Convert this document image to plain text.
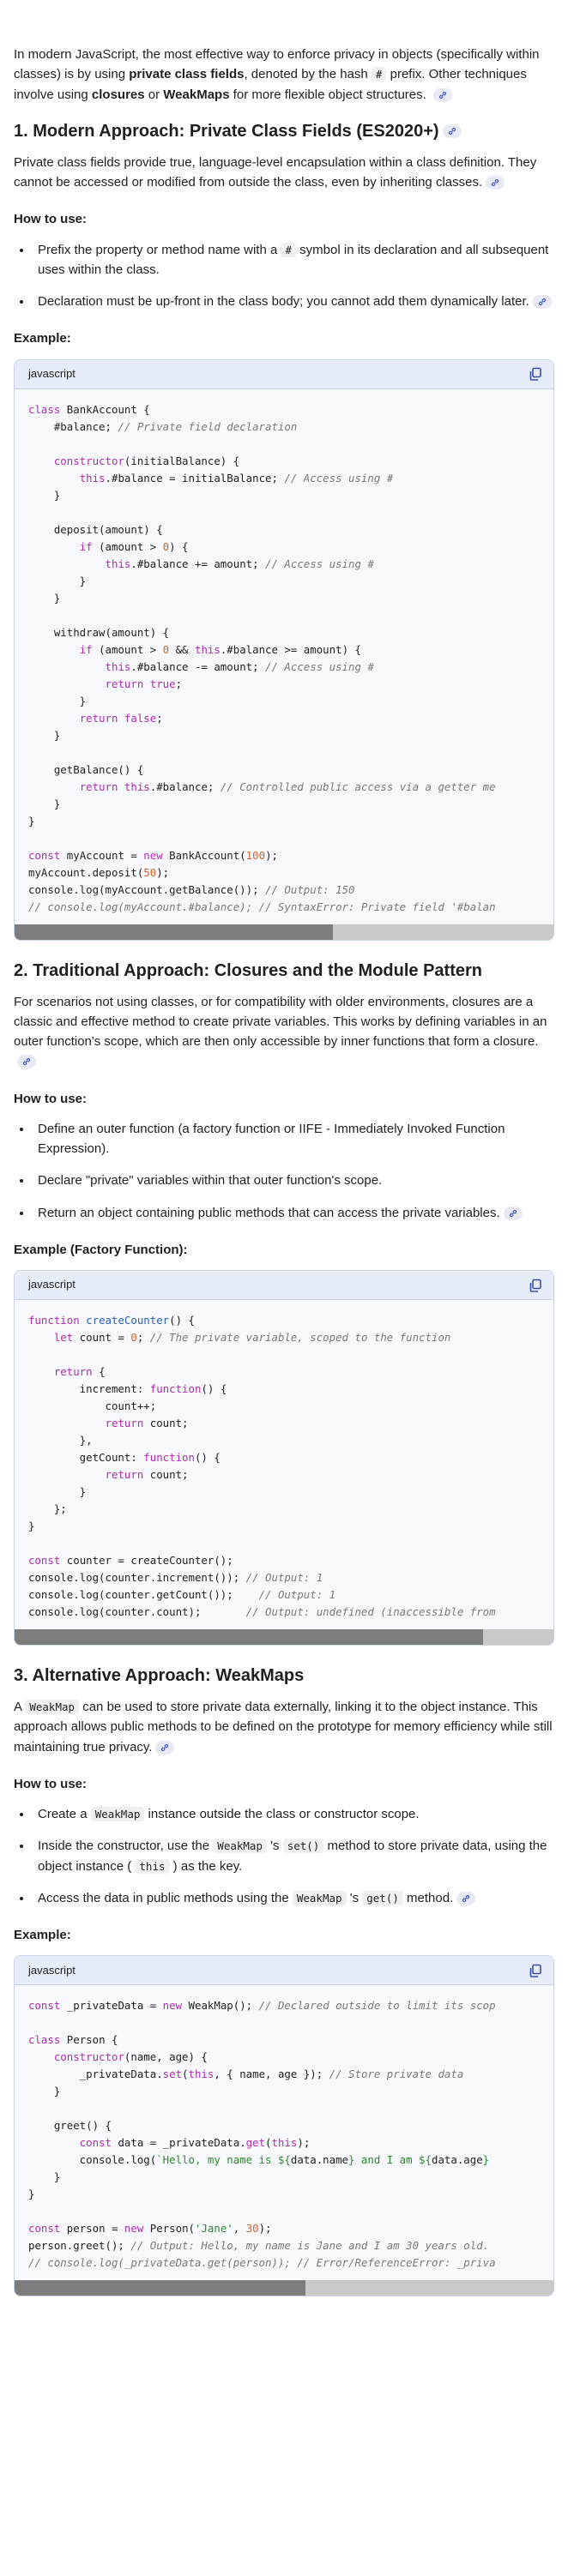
In modern JavaScript, the most effective way to enforce privacy in objects (specifically within classes) is by using private class fields, denoted by the hash # prefix. Other techniques involve using closures or WeakMaps for more flexible object structures.

1. Modern Approach: Private Class Fields (ES2020+)

Private class fields provide true, language-level encapsulation within a class definition. They cannot be accessed or modified from outside the class, even by inheriting classes.

How to use:
• Prefix the property or method name with a # symbol in its declaration and all subsequent uses within the class.
• Declaration must be up-front in the class body; you cannot add them dynamically later.
Example:
javascript
class BankAccount {
#balance; // Private field declaration

constructor(initialBalance) {
this.#balance = initialBalance; // Access using #
}

deposit(amount) {
if (amount > 0) {
this.#balance += amount; // Access using #
}
}

withdraw(amount) {
if (amount > 0 && this.#balance >= amount) {
this.#balance -= amount; // Access using #
return true;
}
return false;
}

getBalance() {
return this.#balance; // Controlled public access via a getter me
}
}

const myAccount = new BankAccount(100);
myAccount.deposit(50);
console.log(myAccount.getBalance()); // Output: 150
// console.log(myAccount.#balance); // SyntaxError: Private field '#balan
2. Traditional Approach: Closures and the Module Pattern

For scenarios not using classes, or for compatibility with older environments, closures are a classic and effective method to create private variables. This works by defining variables in an outer function's scope, which are then only accessible by inner functions that form a closure.

How to use:
• Define an outer function (a factory function or IIFE - Immediately Invoked Function Expression).
• Declare "private" variables within that outer function's scope.
• Return an object containing public methods that can access the private variables.
Example (Factory Function):
javascript
function createCounter() {
let count = 0; // The private variable, scoped to the function

return {
increment: function() {
count++;
return count;
},
getCount: function() {
return count;
}
};
}

const counter = createCounter();
console.log(counter.increment()); // Output: 1
console.log(counter.getCount());    // Output: 1
console.log(counter.count);       // Output: undefined (inaccessible from
3. Alternative Approach: WeakMaps

A WeakMap can be used to store private data externally, linking it to the object instance. This approach allows public methods to be defined on the prototype for memory efficiency while still maintaining true privacy.

How to use:
• Create a WeakMap instance outside the class or constructor scope.
• Inside the constructor, use the WeakMap 's set() method to store private data, using the object instance ( this ) as the key.
• Access the data in public methods using the WeakMap 's get() method.
Example:
javascript
const _privateData = new WeakMap(); // Declared outside to limit its scop

class Person {
constructor(name, age) {
_privateData.set(this, { name, age }); // Store private data
}

greet() {
const data = _privateData.get(this);
console.log(`Hello, my name is ${data.name} and I am ${data.age}
}
}

const person = new Person('Jane', 30);
person.greet(); // Output: Hello, my name is Jane and I am 30 years old.
// console.log(_privateData.get(person)); // Error/ReferenceError: _priva
